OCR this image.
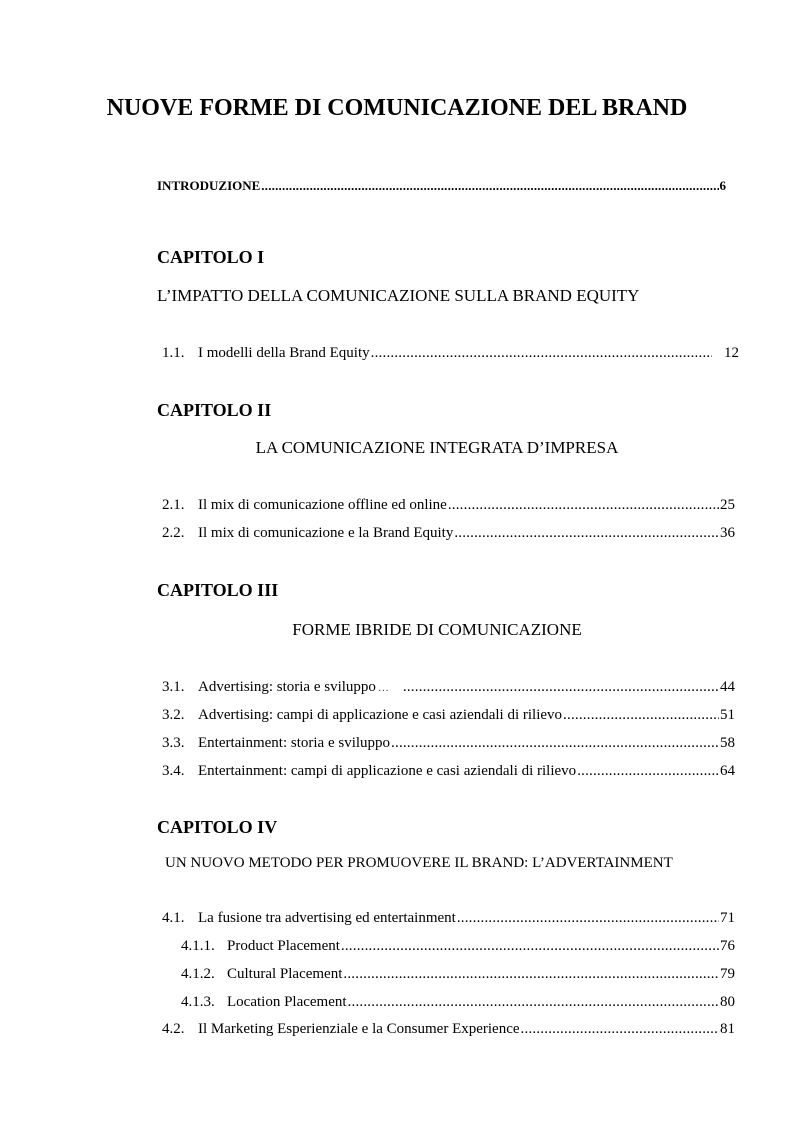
NUOVE FORME DI COMUNICAZIONE DEL BRAND
INTRODUZIONE .....	6
CAPITOLO I
L’IMPATTO DELLA COMUNICAZIONE SULLA BRAND EQUITY
1.1. I modelli della Brand Equity .....	12
CAPITOLO II
LA COMUNICAZIONE INTEGRATA D’IMPRESA
2.1. Il mix di comunicazione offline ed online .....	25
2.2. Il mix di comunicazione e la Brand Equity .....	36
CAPITOLO III
FORME IBRIDE DI COMUNICAZIONE
3.1. Advertising: storia e sviluppo … .....	44
3.2. Advertising: campi di applicazione e casi aziendali di rilievo .....	51
3.3. Entertainment: storia e sviluppo .....	58
3.4. Entertainment: campi di applicazione e casi aziendali di rilievo .....	64
CAPITOLO IV
UN NUOVO METODO PER PROMUOVERE IL BRAND: L’ADVERTAINMENT
4.1. La fusione tra advertising ed entertainment .....	71
4.1.1. Product Placement .....	76
4.1.2. Cultural Placement .....	79
4.1.3. Location Placement .....	80
4.2. Il Marketing Esperienziale e la Consumer Experience .....	81
